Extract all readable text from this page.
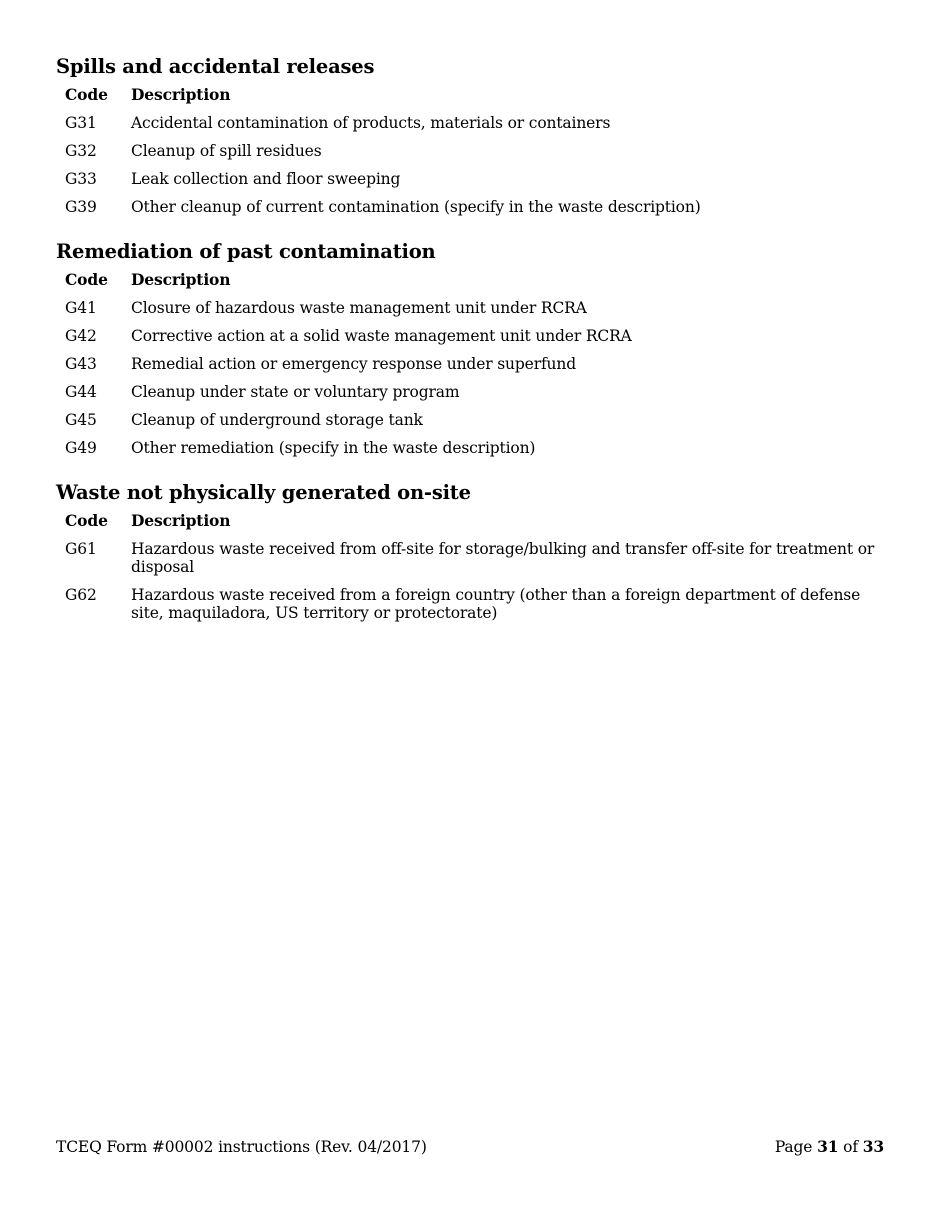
Spills and accidental releases
Code	Description
G31	Accidental contamination of products, materials or containers
G32	Cleanup of spill residues
G33	Leak collection and floor sweeping
G39	Other cleanup of current contamination (specify in the waste description)
Remediation of past contamination
Code	Description
G41	Closure of hazardous waste management unit under RCRA
G42	Corrective action at a solid waste management unit under RCRA
G43	Remedial action or emergency response under superfund
G44	Cleanup under state or voluntary program
G45	Cleanup of underground storage tank
G49	Other remediation (specify in the waste description)
Waste not physically generated on-site
Code	Description
G61	Hazardous waste received from off-site for storage/bulking and transfer off-site for treatment or disposal
G62	Hazardous waste received from a foreign country (other than a foreign department of defense site, maquiladora, US territory or protectorate)
TCEQ Form #00002 instructions (Rev. 04/2017)	Page 31 of 33
